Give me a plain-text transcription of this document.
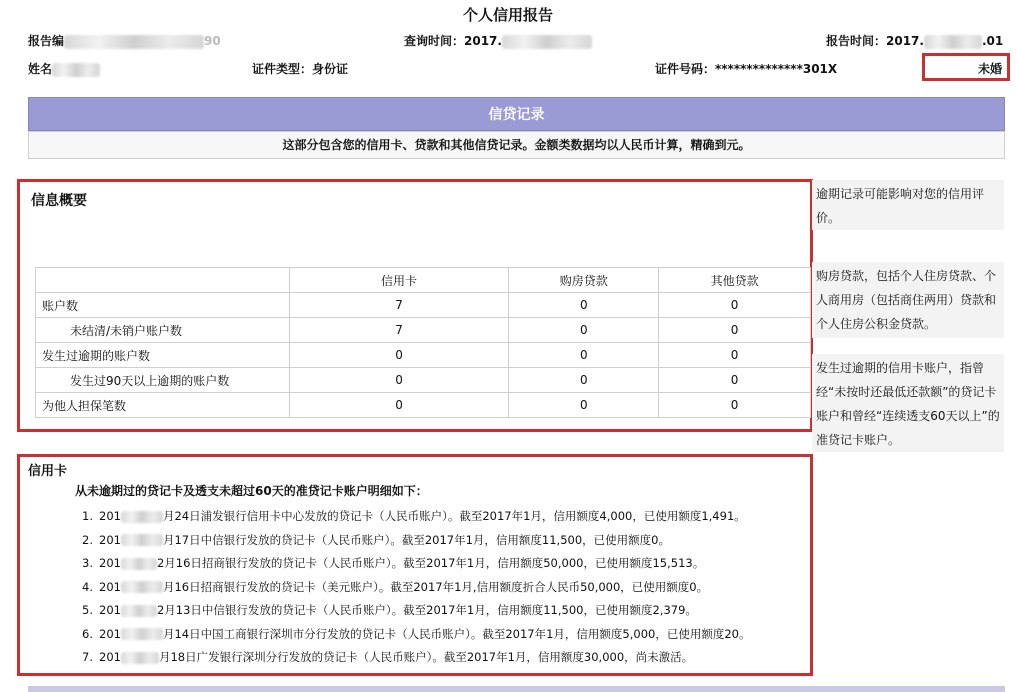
个人信用报告
报告编	90	查询时间：2017.	报告时间：2017.	.01
姓名	证件类型：身份证	证件号码：**************301X	未婚
信贷记录
这部分包含您的信用卡、贷款和其他信贷记录。金额类数据均以人民币计算，精确到元。
信息概要
	信用卡	购房贷款	其他贷款
账户数	7	0	0
未结清/未销户账户数	7	0	0
发生过逾期的账户数	0	0	0
发生过90天以上逾期的账户数	0	0	0
为他人担保笔数	0	0	0
逾期记录可能影响对您的信用评价。
购房贷款，包括个人住房贷款、个人商用房（包括商住两用）贷款和个人住房公积金贷款。
发生过逾期的信用卡账户，指曾经“未按时还最低还款额”的贷记卡账户和曾经“连续透支60天以上”的准贷记卡账户。
信用卡
从未逾期过的贷记卡及透支未超过60天的准贷记卡账户明细如下：
1. 201	月24日浦发银行信用卡中心发放的贷记卡（人民币账户）。截至2017年1月，信用额度4,000，已使用额度1,491。
2. 201	月17日中信银行发放的贷记卡（人民币账户）。截至2017年1月，信用额度11,500，已使用额度0。
3. 201	2月16日招商银行发放的贷记卡（人民币账户）。截至2017年1月，信用额度50,000，已使用额度15,513。
4. 201	月16日招商银行发放的贷记卡（美元账户）。截至2017年1月,信用额度折合人民币50,000，已使用额度0。
5. 201	2月13日中信银行发放的贷记卡（人民币账户）。截至2017年1月，信用额度11,500，已使用额度2,379。
6. 201	月14日中国工商银行深圳市分行发放的贷记卡（人民币账户）。截至2017年1月，信用额度5,000，已使用额度20。
7. 201	月18日广发银行深圳分行发放的贷记卡（人民币账户）。截至2017年1月，信用额度30,000，尚未激活。
